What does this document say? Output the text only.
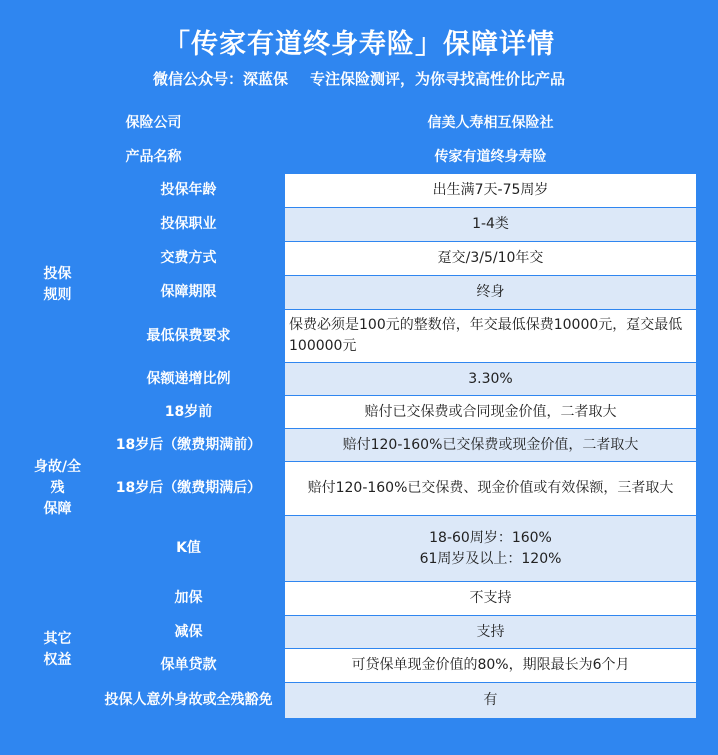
「传家有道终身寿险」保障详情
微信公众号：深蓝保 专注保险测评，为你寻找高性价比产品
保险公司		信美人寿相互保险社
产品名称		传家有道终身寿险
投保
规则	投保年龄	出生满7天-75周岁
	投保职业	1-4类
	交费方式	趸交/3/5/10年交
	保障期限	终身
	最低保费要求	保费必须是100元的整数倍，年交最低保费10000元，趸交最低100000元
	保额递增比例	3.30%
身故/全残
保障	18岁前	赔付已交保费或合同现金价值，二者取大
	18岁后（缴费期满前）	赔付120-160%已交保费或现金价值，二者取大
	18岁后（缴费期满后）	赔付120-160%已交保费、现金价值或有效保额，三者取大
	K值	18-60周岁：160%
61周岁及以上：120%
其它
权益	加保	不支持
	减保	支持
	保单贷款	可贷保单现金价值的80%，期限最长为6个月
	投保人意外身故或全残豁免	有
